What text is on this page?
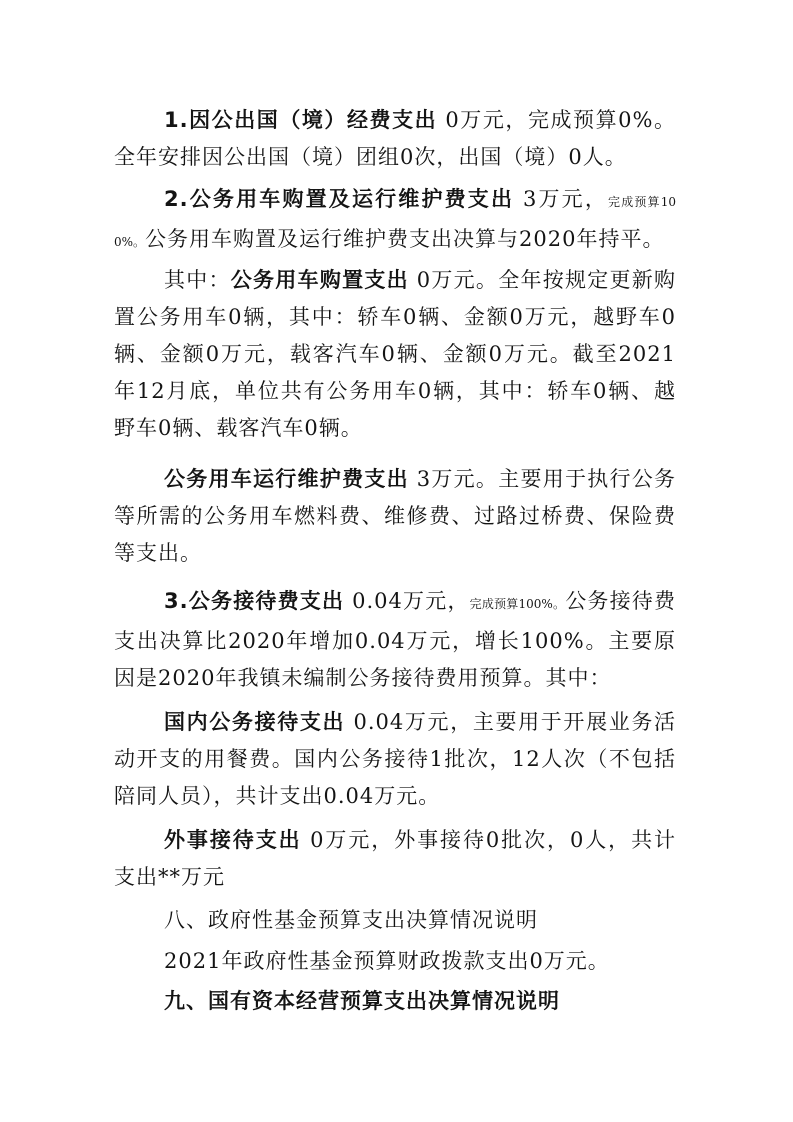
1.因公出国（境）经费支出 0万元，完成预算0%。全年安排因公出国（境）团组0次，出国（境）0人。

2.公务用车购置及运行维护费支出 3万元，完成预算100%。公务用车购置及运行维护费支出决算与2020年持平。

其中：公务用车购置支出 0万元。全年按规定更新购置公务用车0辆，其中：轿车0辆、金额0万元，越野车0辆、金额0万元，载客汽车0辆、金额0万元。截至2021年12月底，单位共有公务用车0辆，其中：轿车0辆、越野车0辆、载客汽车0辆。

公务用车运行维护费支出 3万元。主要用于执行公务等所需的公务用车燃料费、维修费、过路过桥费、保险费等支出。

3.公务接待费支出 0.04万元，完成预算100%。公务接待费支出决算比2020年增加0.04万元，增长100%。主要原因是2020年我镇未编制公务接待费用预算。其中：

国内公务接待支出 0.04万元，主要用于开展业务活动开支的用餐费。国内公务接待1批次，12人次（不包括陪同人员），共计支出0.04万元。

外事接待支出 0万元，外事接待0批次，0人，共计支出**万元

八、政府性基金预算支出决算情况说明

2021年政府性基金预算财政拨款支出0万元。

九、国有资本经营预算支出决算情况说明
